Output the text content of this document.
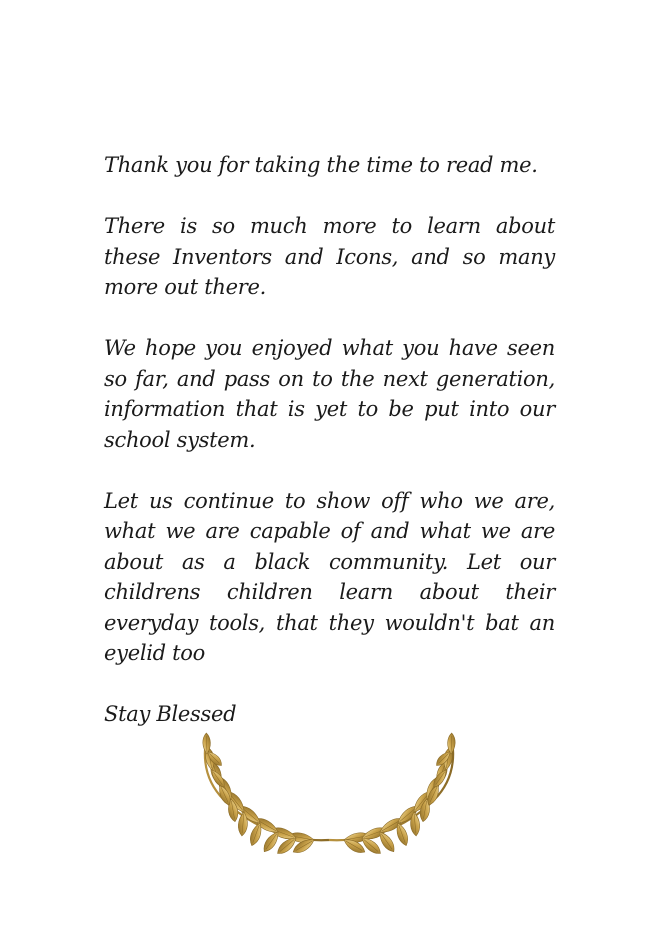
Thank you for taking the time to read me.

There is so much more to learn about these Inventors and Icons, and so many more out there.

We hope you enjoyed what you have seen so far, and pass on to the next generation, information that is yet to be put into our school system.

Let us continue to show off who we are, what we are capable of and what we are about as a black community. Let our childrens children learn about their everyday tools, that they wouldn't bat an eyelid too

Stay Blessed
